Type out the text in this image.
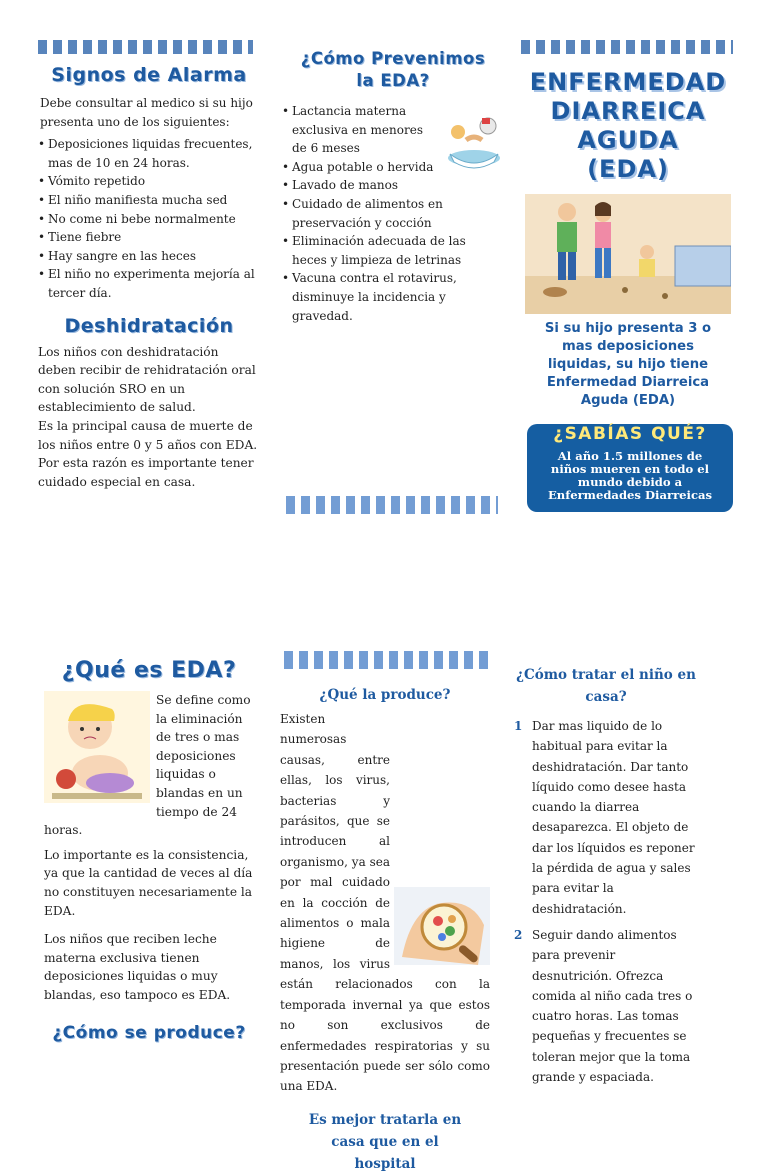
Signos de Alarma

Debe consultar al medico si su hijo presenta uno de los siguientes:

• Deposiciones liquidas frecuentes, mas de 10 en 24 horas.
• Vómito repetido
• El niño manifiesta mucha sed
• No come ni bebe normalmente
• Tiene fiebre
• Hay sangre en las heces
• El niño no experimenta mejoría al tercer día.
Deshidratación

Los niños con deshidratación deben recibir de rehidratación oral con solución SRO en un establecimiento de salud.

Es la principal causa de muerte de los niños entre 0 y 5 años con EDA. Por esta razón es importante tener cuidado especial en casa.

¿Cómo Prevenimos la EDA?
• Lactancia materna exclusiva en menores de 6 meses
• Agua potable o hervida
• Lavado de manos
• Cuidado de alimentos en preservación y cocción
• Eliminación adecuada de las heces y limpieza de letrinas
• Vacuna contra el rotavirus, disminuye la incidencia y gravedad.
ENFERMEDAD
DIARREICA
AGUDA
(EDA)
Si su hijo presenta 3 o mas deposiciones liquidas, su hijo tiene Enfermedad Diarreica Aguda (EDA)
¿SABÍAS QUÉ?
Al año 1.5 millones de niños mueren en todo el mundo debido a Enfermedades Diarreicas
¿Qué es EDA?
Se define como la eliminación de tres o mas deposiciones liquidas o blandas en un tiempo de 24 horas.

Lo importante es la consistencia, ya que la cantidad de veces al día no constituyen necesariamente la EDA.

Los niños que reciben leche materna exclusiva tienen deposiciones liquidas o muy blandas, eso tampoco es EDA.

¿Cómo se produce?
¿Qué la produce?
Existen numerosas causas, entre ellas, los virus, bacterias y parásitos, que se introducen al organismo, ya sea por mal cuidado en la cocción de alimentos o mala higiene de manos, los virus están relacionados con la temporada invernal ya que estos no son exclusivos de enfermedades respiratorias y su presentación puede ser sólo como una EDA.
Es mejor tratarla en casa que en el hospital
¿Cómo tratar el niño en casa?
1 Dar mas liquido de lo habitual para evitar la deshidratación. Dar tanto líquido como desee hasta cuando la diarrea desaparezca. El objeto de dar los líquidos es reponer la pérdida de agua y sales para evitar la deshidratación.
2 Seguir dando alimentos para prevenir desnutrición. Ofrezca comida al niño cada tres o cuatro horas. Las tomas pequeñas y frecuentes se toleran mejor que la toma grande y espaciada.
